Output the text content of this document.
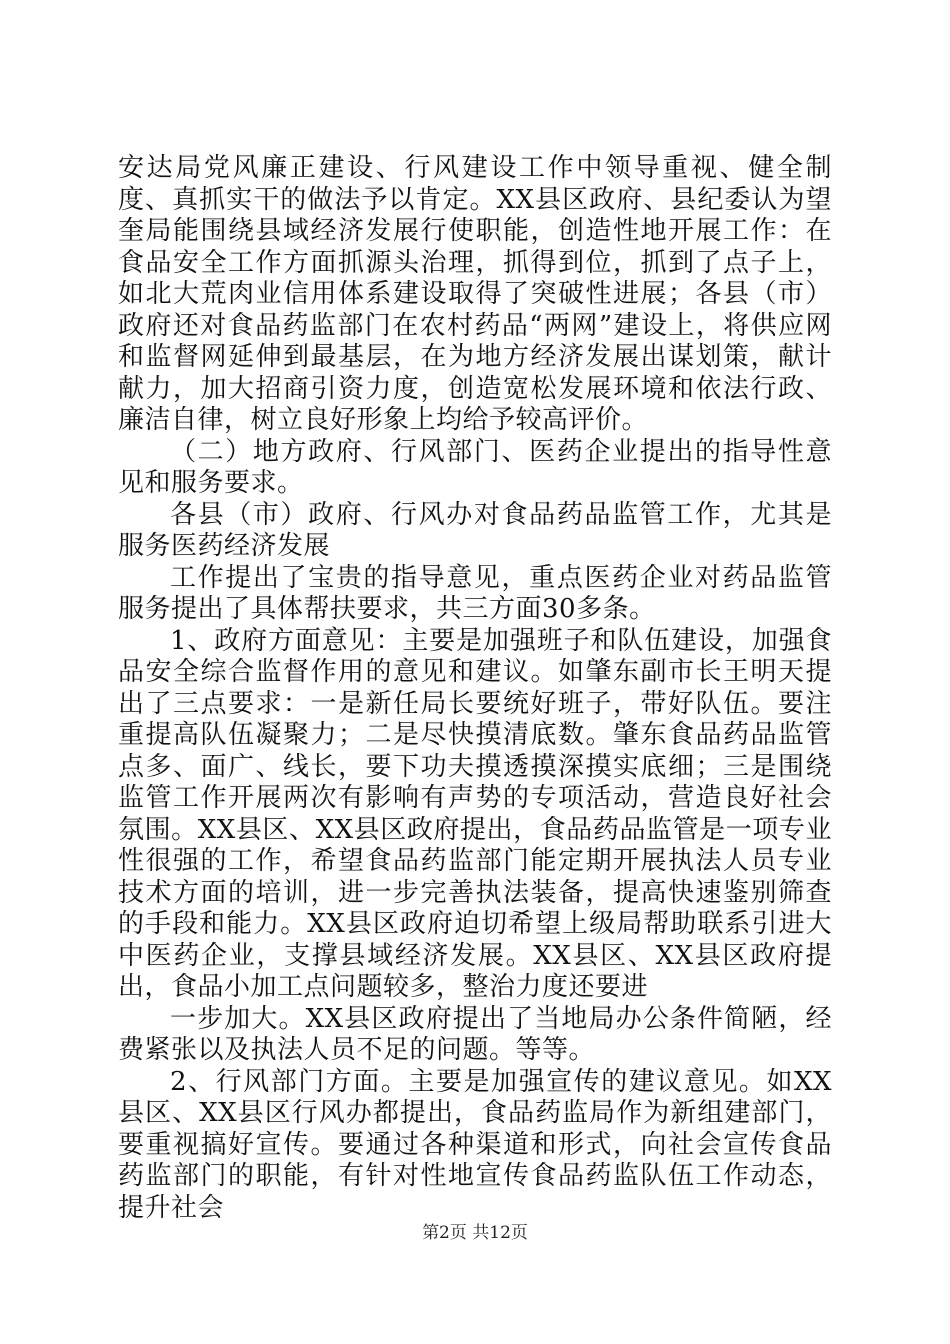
安达局党风廉正建设、行风建设工作中领导重视、健全制度、真抓实干的做法予以肯定。XX县区政府、县纪委认为望奎局能围绕县域经济发展行使职能，创造性地开展工作：在食品安全工作方面抓源头治理，抓得到位，抓到了点子上，如北大荒肉业信用体系建设取得了突破性进展；各县（市）政府还对食品药监部门在农村药品“两网”建设上，将供应网和监督网延伸到最基层，在为地方经济发展出谋划策，献计献力，加大招商引资力度，创造宽松发展环境和依法行政、廉洁自律，树立良好形象上均给予较高评价。

（二）地方政府、行风部门、医药企业提出的指导性意见和服务要求。

各县（市）政府、行风办对食品药品监管工作，尤其是服务医药经济发展

工作提出了宝贵的指导意见，重点医药企业对药品监管服务提出了具体帮扶要求，共三方面30多条。

1、政府方面意见：主要是加强班子和队伍建设，加强食品安全综合监督作用的意见和建议。如肇东副市长王明天提出了三点要求：一是新任局长要统好班子，带好队伍。要注重提高队伍凝聚力；二是尽快摸清底数。肇东食品药品监管点多、面广、线长，要下功夫摸透摸深摸实底细；三是围绕监管工作开展两次有影响有声势的专项活动，营造良好社会氛围。XX县区、XX县区政府提出，食品药品监管是一项专业性很强的工作，希望食品药监部门能定期开展执法人员专业技术方面的培训，进一步完善执法装备，提高快速鉴别筛查的手段和能力。XX县区政府迫切希望上级局帮助联系引进大中医药企业，支撑县域经济发展。XX县区、XX县区政府提出，食品小加工点问题较多，整治力度还要进

一步加大。XX县区政府提出了当地局办公条件简陋，经费紧张以及执法人员不足的问题。等等。

2、行风部门方面。主要是加强宣传的建议意见。如XX县区、XX县区行风办都提出，食品药监局作为新组建部门，要重视搞好宣传。要通过各种渠道和形式，向社会宣传食品药监部门的职能，有针对性地宣传食品药监队伍工作动态，提升社会

第2页 共12页
